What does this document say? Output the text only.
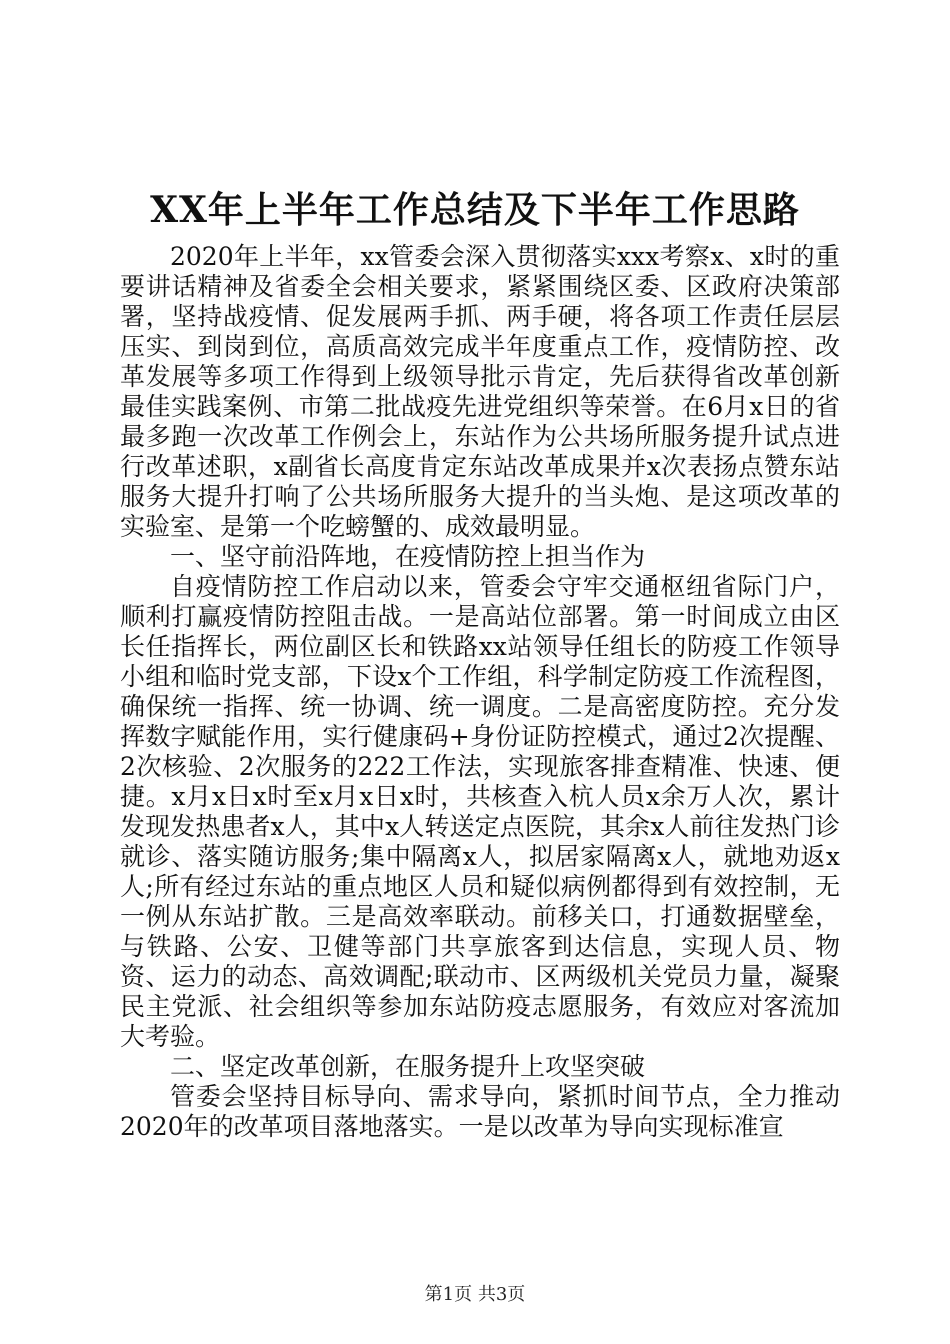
XX年上半年工作总结及下半年工作思路

2020年上半年，xx管委会深入贯彻落实xxx考察x、x时的重要讲话精神及省委全会相关要求，紧紧围绕区委、区政府决策部署，坚持战疫情、促发展两手抓、两手硬，将各项工作责任层层压实、到岗到位，高质高效完成半年度重点工作，疫情防控、改革发展等多项工作得到上级领导批示肯定，先后获得省改革创新最佳实践案例、市第二批战疫先进党组织等荣誉。在6月x日的省最多跑一次改革工作例会上，东站作为公共场所服务提升试点进行改革述职，x副省长高度肯定东站改革成果并x次表扬点赞东站服务大提升打响了公共场所服务大提升的当头炮、是这项改革的实验室、是第一个吃螃蟹的、成效最明显。

一、坚守前沿阵地，在疫情防控上担当作为

自疫情防控工作启动以来，管委会守牢交通枢纽省际门户，顺利打赢疫情防控阻击战。一是高站位部署。第一时间成立由区长任指挥长，两位副区长和铁路xx站领导任组长的防疫工作领导小组和临时党支部，下设x个工作组，科学制定防疫工作流程图，确保统一指挥、统一协调、统一调度。二是高密度防控。充分发挥数字赋能作用，实行健康码+身份证防控模式，通过2次提醒、2次核验、2次服务的222工作法，实现旅客排查精准、快速、便捷。x月x日x时至x月x日x时，共核查入杭人员x余万人次，累计发现发热患者x人，其中x人转送定点医院，其余x人前往发热门诊就诊、落实随访服务;集中隔离x人，拟居家隔离x人，就地劝返x人;所有经过东站的重点地区人员和疑似病例都得到有效控制，无一例从东站扩散。三是高效率联动。前移关口，打通数据壁垒，与铁路、公安、卫健等部门共享旅客到达信息，实现人员、物资、运力的动态、高效调配;联动市、区两级机关党员力量，凝聚民主党派、社会组织等参加东站防疫志愿服务，有效应对客流加大考验。

二、坚定改革创新，在服务提升上攻坚突破

管委会坚持目标导向、需求导向，紧抓时间节点，全力推动2020年的改革项目落地落实。一是以改革为导向实现标准宣

第1页 共3页
